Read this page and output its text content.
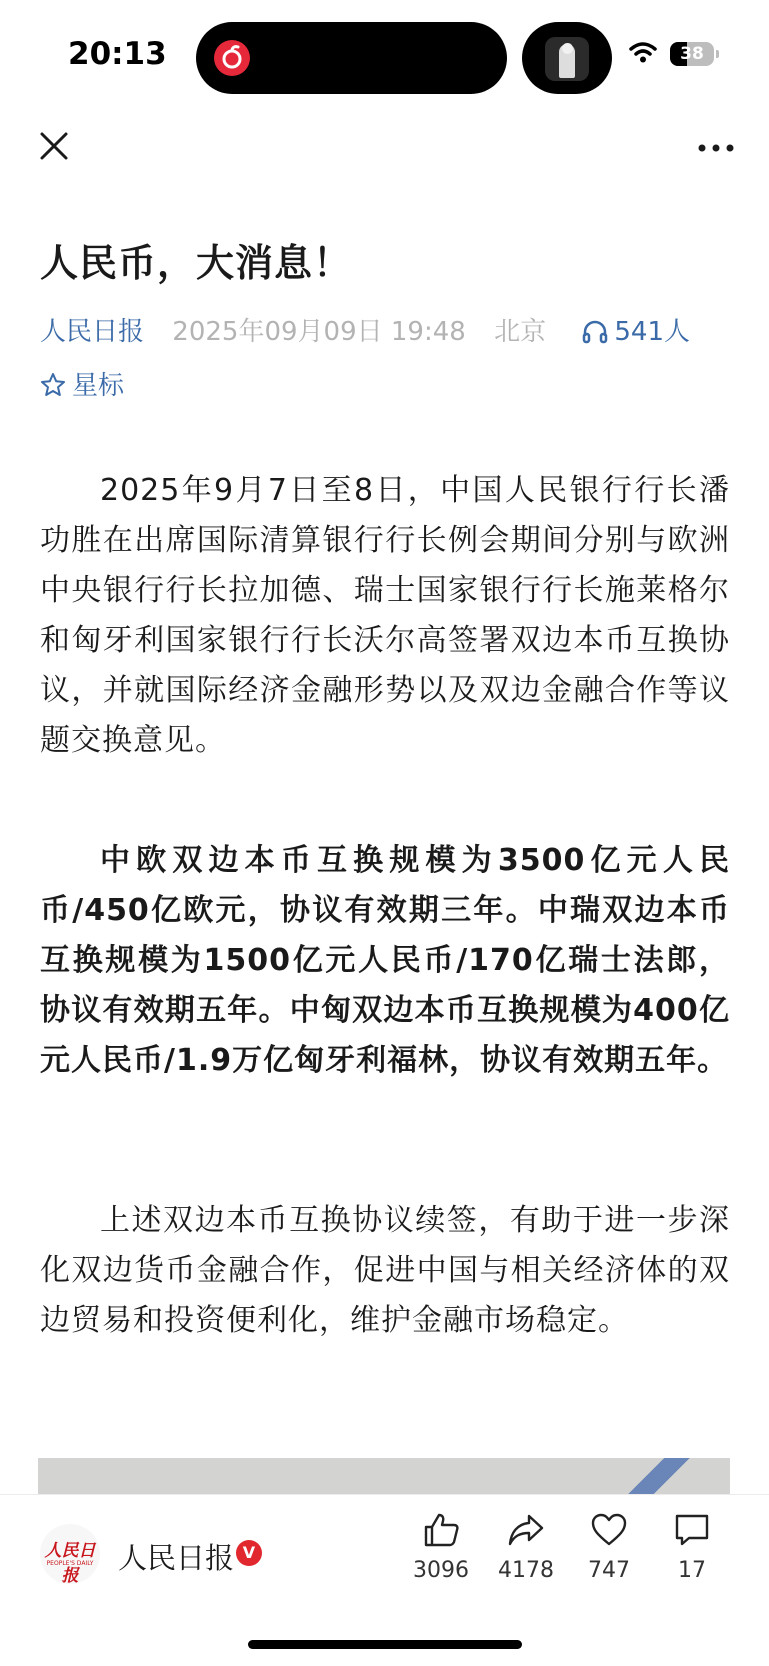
20:13	38
人民币，大消息！
人民日报 2025年09月09日 19:48 北京	541人
星标
2025年9月7日至8日，中国人民银行行长潘功胜在出席国际清算银行行长例会期间分别与欧洲中央银行行长拉加德、瑞士国家银行行长施莱格尔和匈牙利国家银行行长沃尔高签署双边本币互换协议，并就国际经济金融形势以及双边金融合作等议题交换意见。
中欧双边本币互换规模为3500亿元人民币/450亿欧元，协议有效期三年。中瑞双边本币互换规模为1500亿元人民币/170亿瑞士法郎，协议有效期五年。中匈双边本币互换规模为400亿元人民币/1.9万亿匈牙利福林，协议有效期五年。
上述双边本币互换协议续签，有助于进一步深化双边货币金融合作，促进中国与相关经济体的双边贸易和投资便利化，维护金融市场稳定。
人民日报
PEOPLE'S DAILY 人民日报 V
3096	4178	747	17
